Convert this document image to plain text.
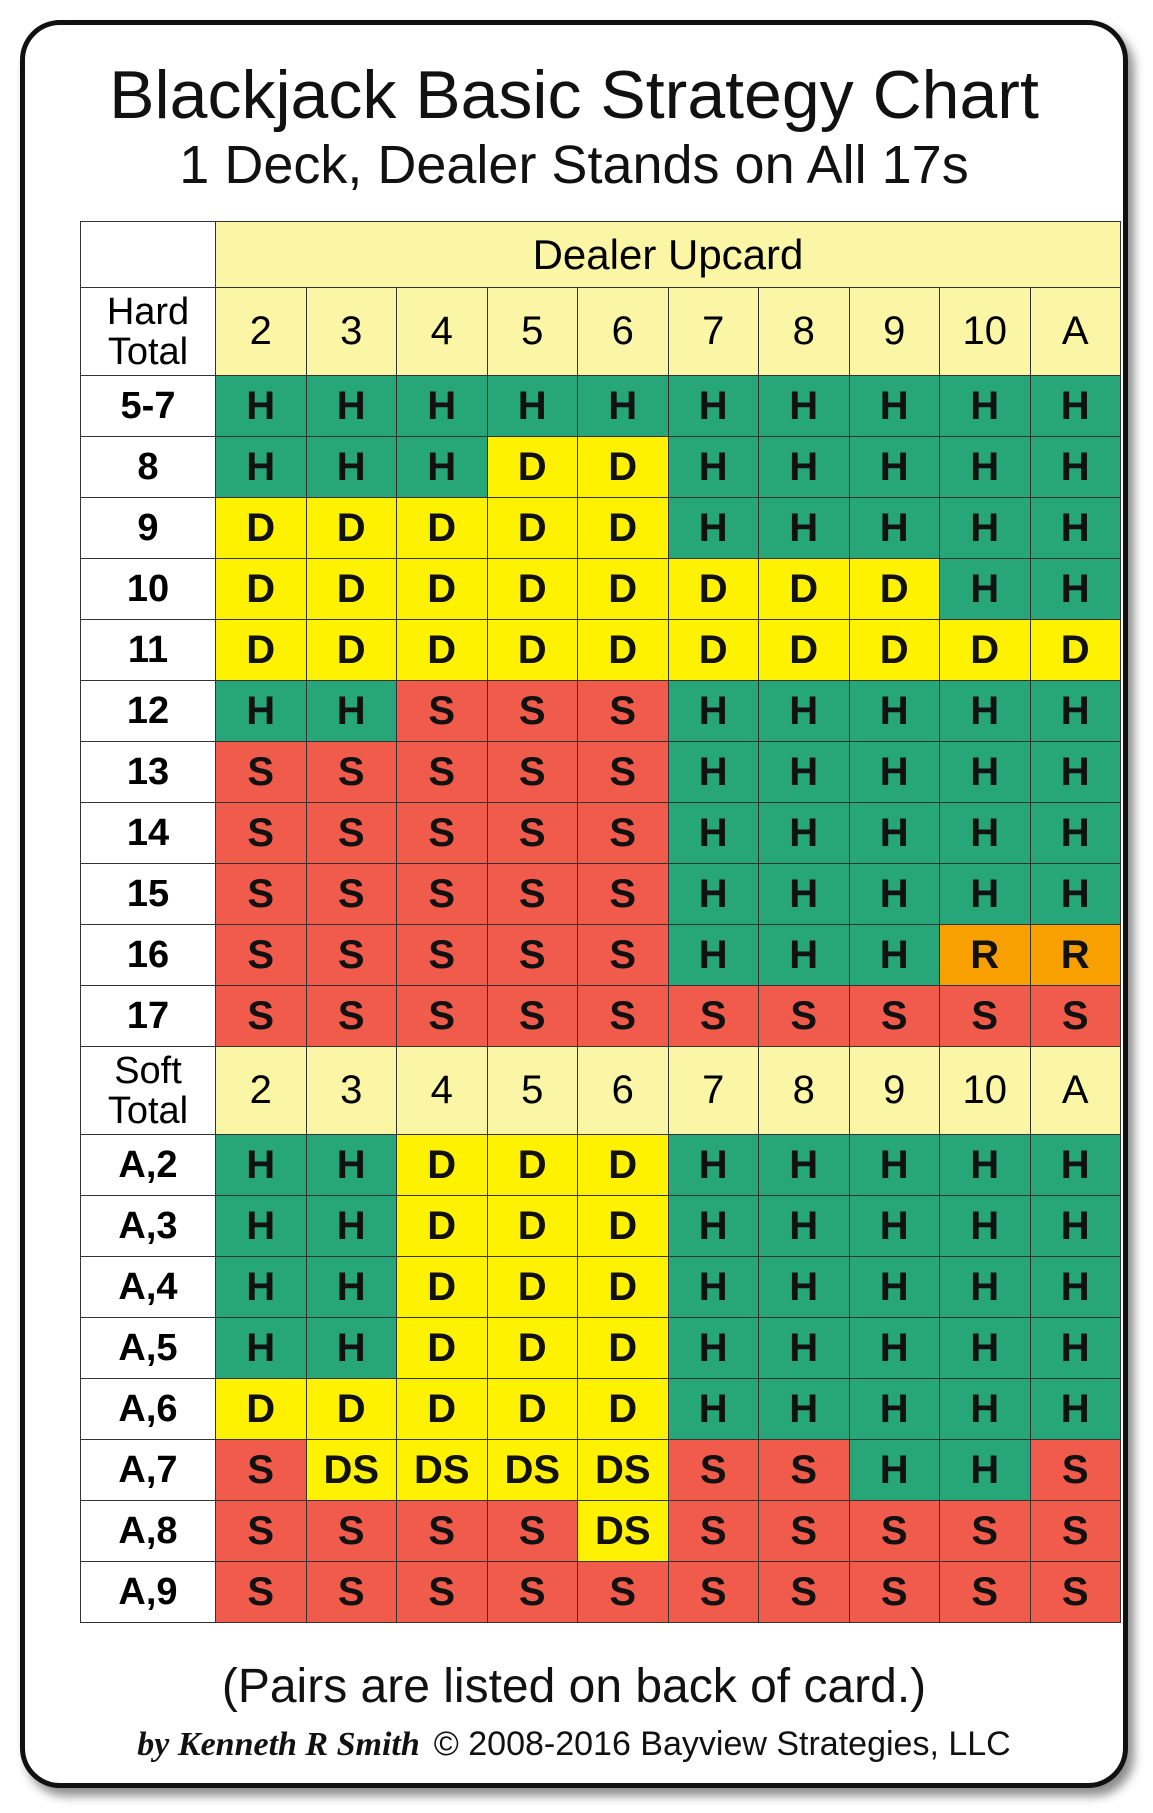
Blackjack Basic Strategy Chart
1 Deck, Dealer Stands on All 17s
	Dealer Upcard									

Hard
Total	2	3	4	5	6	7	8	9	10	A
5-7	H	H	H	H	H	H	H	H	H	H
8	H	H	H	D	D	H	H	H	H	H
9	D	D	D	D	D	H	H	H	H	H
10	D	D	D	D	D	D	D	D	H	H
11	D	D	D	D	D	D	D	D	D	D
12	H	H	S	S	S	H	H	H	H	H
13	S	S	S	S	S	H	H	H	H	H
14	S	S	S	S	S	H	H	H	H	H
15	S	S	S	S	S	H	H	H	H	H
16	S	S	S	S	S	H	H	H	R	R
17	S	S	S	S	S	S	S	S	S	S

Soft
Total	2	3	4	5	6	7	8	9	10	A
A,2	H	H	D	D	D	H	H	H	H	H
A,3	H	H	D	D	D	H	H	H	H	H
A,4	H	H	D	D	D	H	H	H	H	H
A,5	H	H	D	D	D	H	H	H	H	H
A,6	D	D	D	D	D	H	H	H	H	H
A,7	S	DS	DS	DS	DS	S	S	H	H	S
A,8	S	S	S	S	DS	S	S	S	S	S
A,9	S	S	S	S	S	S	S	S	S	S
(Pairs are listed on back of card.)
by Kenneth R Smith © 2008-2016 Bayview Strategies, LLC
